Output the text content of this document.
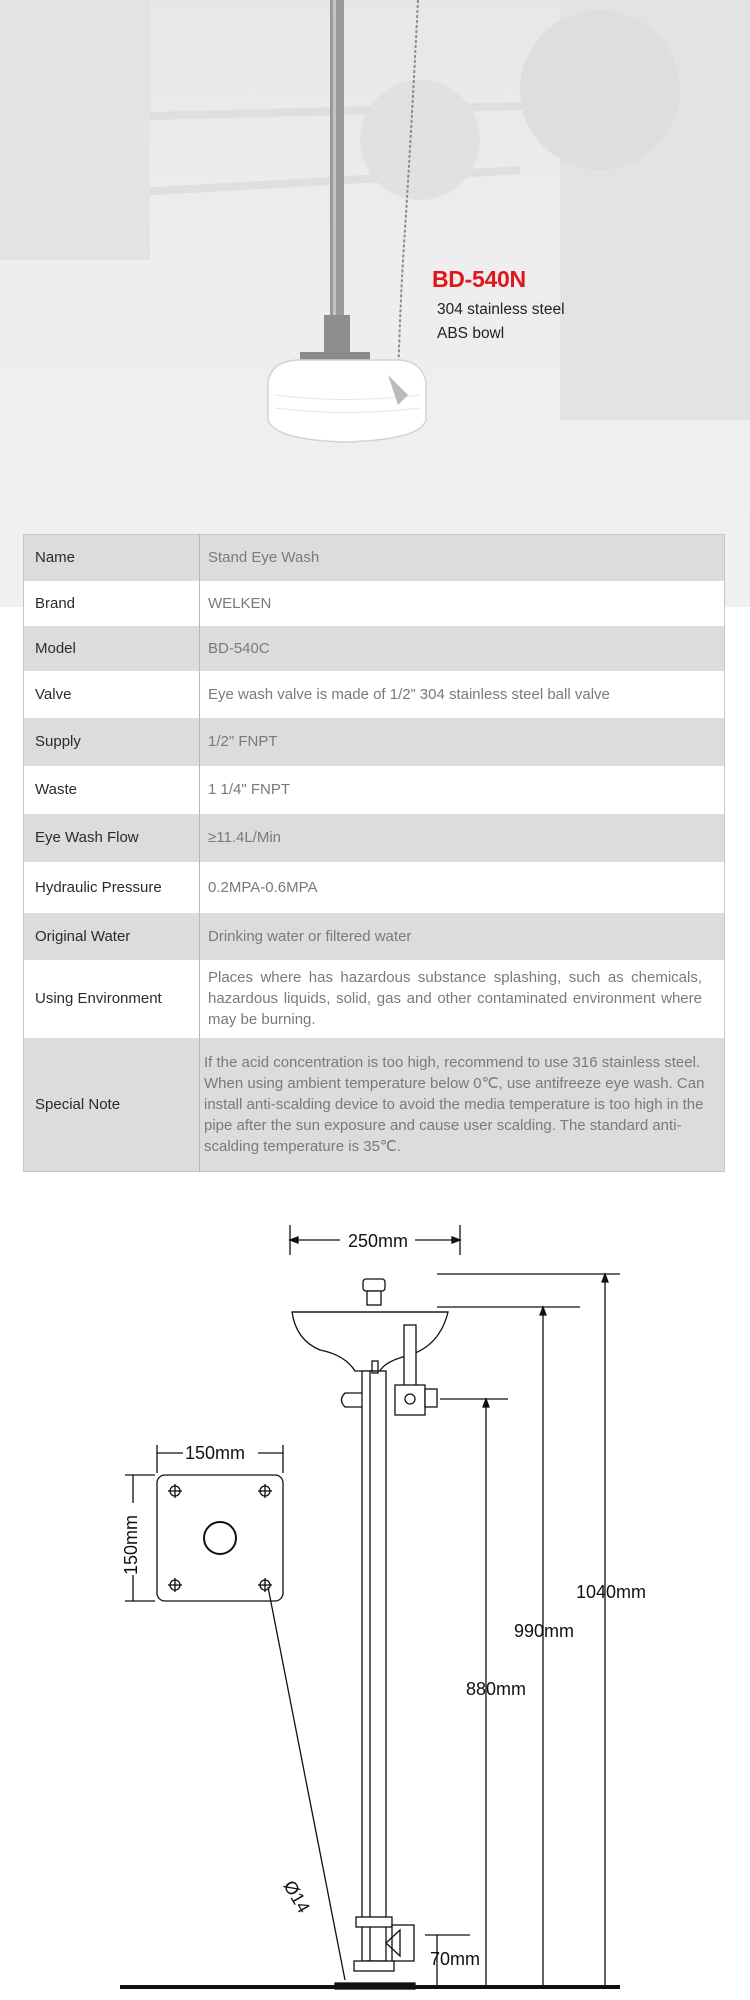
BD-540N
304 stainless steel
ABS bowl
Name	Stand Eye Wash
Brand	WELKEN
Model	BD-540C
Valve	Eye wash valve is made of 1/2” 304 stainless steel ball valve
Supply	1/2" FNPT
Waste	1 1/4" FNPT
Eye Wash Flow	≥11.4L/Min
Hydraulic Pressure	0.2MPA-0.6MPA
Original Water	Drinking water or filtered water
Using Environment	Places where has hazardous substance splashing, such as chemicals, hazardous liquids, solid, gas and other contaminated environment where may be burning.
Special Note	If the acid concentration is too high, recommend to use 316 stainless steel. When using ambient temperature below 0℃, use antifreeze eye wash. Can install anti-scalding device to avoid the media temperature is too high in the pipe after the sun exposure and cause user scalding. The standard anti-scalding temperature is 35℃.
250mm
1040mm
990mm
880mm
70mm
150mm
150mm
Ø14
